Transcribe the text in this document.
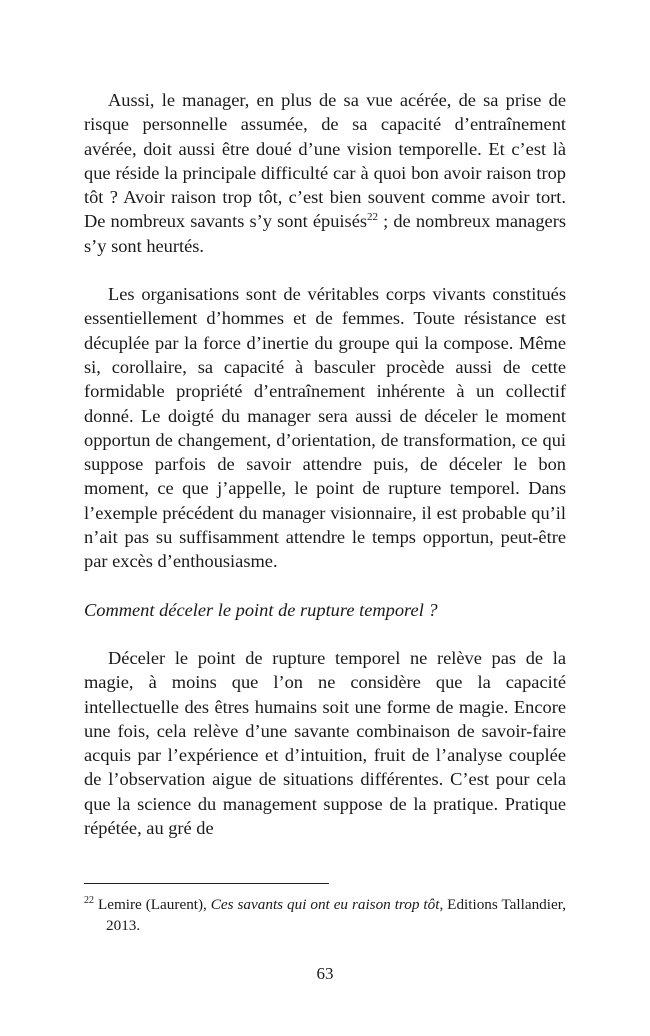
Aussi, le manager, en plus de sa vue acérée, de sa prise de risque personnelle assumée, de sa capacité d’entraînement avérée, doit aussi être doué d’une vision temporelle. Et c’est là que réside la principale difficulté car à quoi bon avoir raison trop tôt ? Avoir raison trop tôt, c’est bien souvent comme avoir tort. De nombreux savants s’y sont épuisés$^{22}$ ; de nombreux managers s’y sont heurtés.

Les organisations sont de véritables corps vivants constitués essentiellement d’hommes et de femmes. Toute résistance est décuplée par la force d’inertie du groupe qui la compose. Même si, corollaire, sa capacité à basculer procède aussi de cette formidable propriété d’entraînement inhérente à un collectif donné. Le doigté du manager sera aussi de déceler le moment opportun de changement, d’orientation, de transformation, ce qui suppose parfois de savoir attendre puis, de déceler le bon moment, ce que j’appelle, le point de rupture temporel. Dans l’exemple précédent du manager visionnaire, il est probable qu’il n’ait pas su suffisamment attendre le temps opportun, peut-être par excès d’enthousiasme.

Comment déceler le point de rupture temporel ?

Déceler le point de rupture temporel ne relève pas de la magie, à moins que l’on ne considère que la capacité intellectuelle des êtres humains soit une forme de magie. Encore une fois, cela relève d’une savante combinaison de savoir-faire acquis par l’expérience et d’intuition, fruit de l’analyse couplée de l’observation aigue de situations différentes. C’est pour cela que la science du management suppose de la pratique. Pratique répétée, au gré de

$^{22}$ Lemire (Laurent), Ces savants qui ont eu raison trop tôt, Editions Tallandier, 2013.
63
